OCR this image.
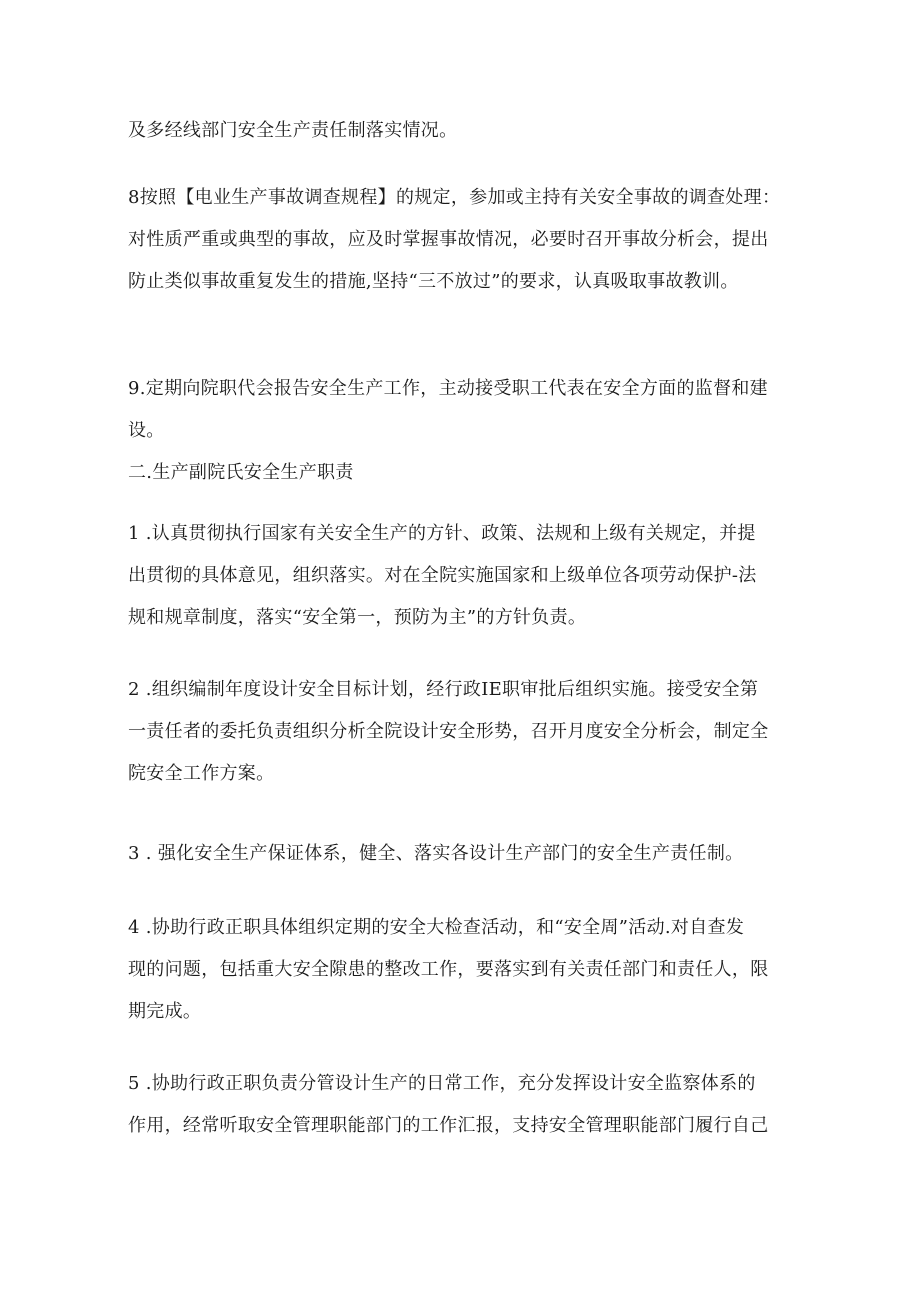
及多经线部门安全生产责任制落实情况。

8按照【电业生产事故调查规程】的规定，参加或主持有关安全事故的调查处理：
对性质严重或典型的事故，应及时掌握事故情况，必要时召开事故分析会，提出
防止类似事故重复发生的措施,坚持“三不放过”的要求，认真吸取事故教训。

9.定期向院职代会报告安全生产工作，主动接受职工代表在安全方面的监督和建
设。

二.生产副院氏安全生产职责

1 .认真贯彻执行国家有关安全生产的方针、政策、法规和上级有关规定，并提
出贯彻的具体意见，组织落实。对在全院实施国家和上级单位各项劳动保护-法
规和规章制度，落实“安全第一，预防为主”的方针负责。

2 .组织编制年度设计安全目标计划，经行政IE职审批后组织实施。接受安全第
一责任者的委托负责组织分析全院设计安全形势，召开月度安全分析会，制定全
院安全工作方案。

3 . 强化安全生产保证体系，健全、落实各设计生产部门的安全生产责任制。

4 .协助行政正职具体组织定期的安全大检查活动，和“安全周”活动.对自查发
现的问题，包括重大安全隙患的整改工作，要落实到有关责任部门和责任人，限
期完成。

5 .协助行政正职负责分管设计生产的日常工作，充分发挥设计安全监察体系的
作用，经常听取安全管理职能部门的工作汇报，支持安全管理职能部门履行自己
